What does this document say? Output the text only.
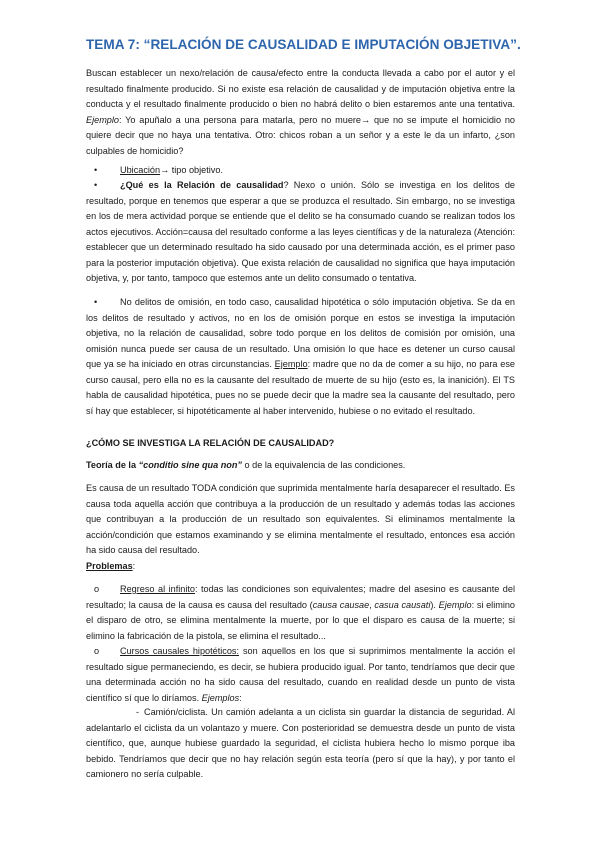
TEMA 7: “RELACIÓN DE CAUSALIDAD E IMPUTACIÓN OBJETIVA”.

Buscan establecer un nexo/relación de causa/efecto entre la conducta llevada a cabo por el autor y el resultado finalmente producido. Si no existe esa relación de causalidad y de imputación objetiva entre la conducta y el resultado finalmente producido o bien no habrá delito o bien estaremos ante una tentativa. Ejemplo: Yo apuñalo a una persona para matarla, pero no muere→ que no se impute el homicidio no quiere decir que no haya una tentativa. Otro: chicos roban a un señor y a este le da un infarto, ¿son culpables de homicidio?

• Ubicación→ tipo objetivo.

• ¿Qué es la Relación de causalidad? Nexo o unión. Sólo se investiga en los delitos de resultado, porque en tenemos que esperar a que se produzca el resultado. Sin embargo, no se investiga en los de mera actividad porque se entiende que el delito se ha consumado cuando se realizan todos los actos ejecutivos. Acción=causa del resultado conforme a las leyes científicas y de la naturaleza (Atención: establecer que un determinado resultado ha sido causado por una determinada acción, es el primer paso para la posterior imputación objetiva). Que exista relación de causalidad no significa que haya imputación objetiva, y, por tanto, tampoco que estemos ante un delito consumado o tentativa.

• No delitos de omisión, en todo caso, causalidad hipotética o sólo imputación objetiva. Se da en los delitos de resultado y activos, no en los de omisión porque en estos se investiga la imputación objetiva, no la relación de causalidad, sobre todo porque en los delitos de comisión por omisión, una omisión nunca puede ser causa de un resultado. Una omisión lo que hace es detener un curso causal que ya se ha iniciado en otras circunstancias. Ejemplo: madre que no da de comer a su hijo, no para ese curso causal, pero ella no es la causante del resultado de muerte de su hijo (esto es, la inanición). El TS habla de causalidad hipotética, pues no se puede decir que la madre sea la causante del resultado, pero sí hay que establecer, si hipotéticamente al haber intervenido, hubiese o no evitado el resultado.

¿CÓMO SE INVESTIGA LA RELACIÓN DE CAUSALIDAD?

Teoría de la “conditio sine qua non” o de la equivalencia de las condiciones.

Es causa de un resultado TODA condición que suprimida mentalmente haría desaparecer el resultado. Es causa toda aquella acción que contribuya a la producción de un resultado y además todas las acciones que contribuyan a la producción de un resultado son equivalentes. Si eliminamos mentalmente la acción/condición que estamos examinando y se elimina mentalmente el resultado, entonces esa acción ha sido causa del resultado.

Problemas:

o Regreso al infinito: todas las condiciones son equivalentes; madre del asesino es causante del resultado; la causa de la causa es causa del resultado (causa causae, casua causati). Ejemplo: si elimino el disparo de otro, se elimina mentalmente la muerte, por lo que el disparo es causa de la muerte; si elimino la fabricación de la pistola, se elimina el resultado...

o Cursos causales hipotéticos: son aquellos en los que si suprimimos mentalmente la acción el resultado sigue permaneciendo, es decir, se hubiera producido igual. Por tanto, tendríamos que decir que una determinada acción no ha sido causa del resultado, cuando en realidad desde un punto de vista científico sí que lo diríamos. Ejemplos:

- Camión/ciclista. Un camión adelanta a un ciclista sin guardar la distancia de seguridad. Al adelantarlo el ciclista da un volantazo y muere. Con posterioridad se demuestra desde un punto de vista científico, que, aunque hubiese guardado la seguridad, el ciclista hubiera hecho lo mismo porque iba bebido. Tendríamos que decir que no hay relación según esta teoría (pero sí que la hay), y por tanto el camionero no sería culpable.
